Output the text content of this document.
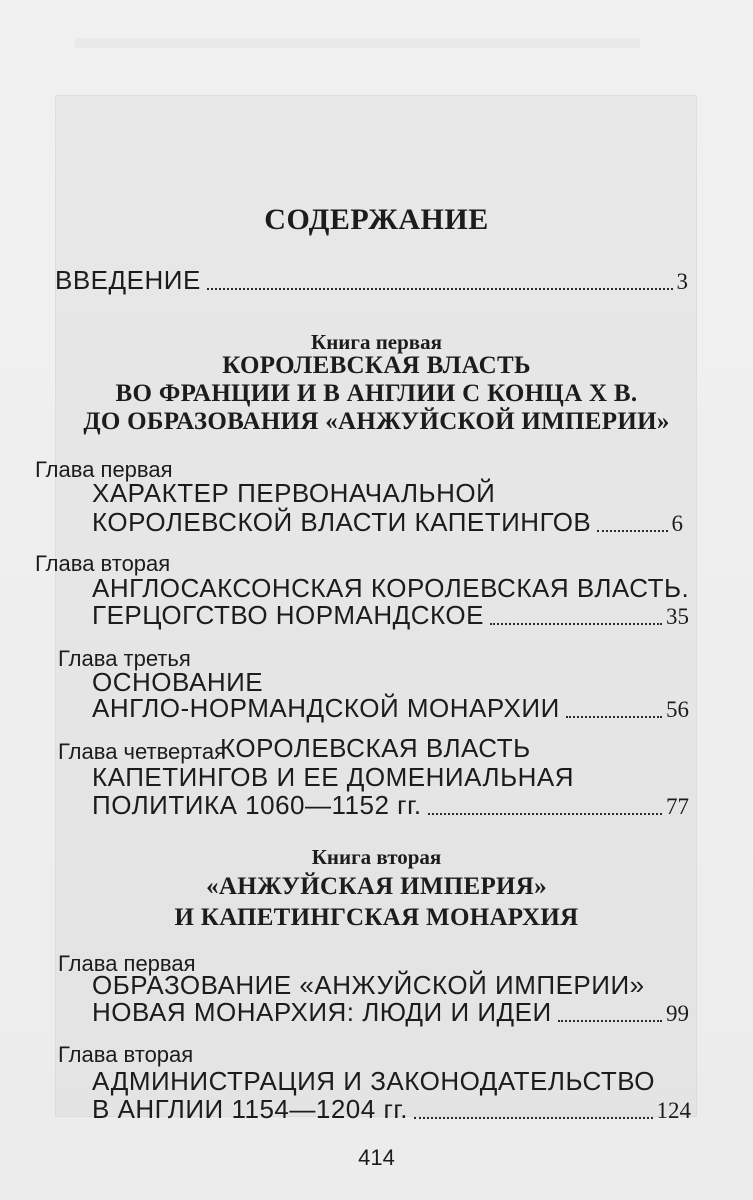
СОДЕРЖАНИЕ
ВВЕДЕНИЕ	3
Книга первая
КОРОЛЕВСКАЯ ВЛАСТЬ
ВО ФРАНЦИИ И В АНГЛИИ С КОНЦА X В.
ДО ОБРАЗОВАНИЯ «АНЖУЙСКОЙ ИМПЕРИИ»
Глава первая
ХАРАКТЕР ПЕРВОНАЧАЛЬНОЙ
КОРОЛЕВСКОЙ ВЛАСТИ КАПЕТИНГОВ	6
Глава вторая
АНГЛОСАКСОНСКАЯ КОРОЛЕВСКАЯ ВЛАСТЬ.
ГЕРЦОГСТВО НОРМАНДСКОЕ	35
Глава третья
ОСНОВАНИЕ
АНГЛО-НОРМАНДСКОЙ МОНАРХИИ	56
Глава четвертая
КОРОЛЕВСКАЯ ВЛАСТЬ
КАПЕТИНГОВ И ЕЕ ДОМЕНИАЛЬНАЯ
ПОЛИТИКА 1060—1152 гг.	77
Книга вторая
«АНЖУЙСКАЯ ИМПЕРИЯ»
И КАПЕТИНГСКАЯ МОНАРХИЯ
Глава первая
ОБРАЗОВАНИЕ «АНЖУЙСКОЙ ИМПЕРИИ»
НОВАЯ МОНАРХИЯ: ЛЮДИ И ИДЕИ	99
Глава вторая
АДМИНИСТРАЦИЯ И ЗАКОНОДАТЕЛЬСТВО
В АНГЛИИ 1154—1204 гг.	124
414
